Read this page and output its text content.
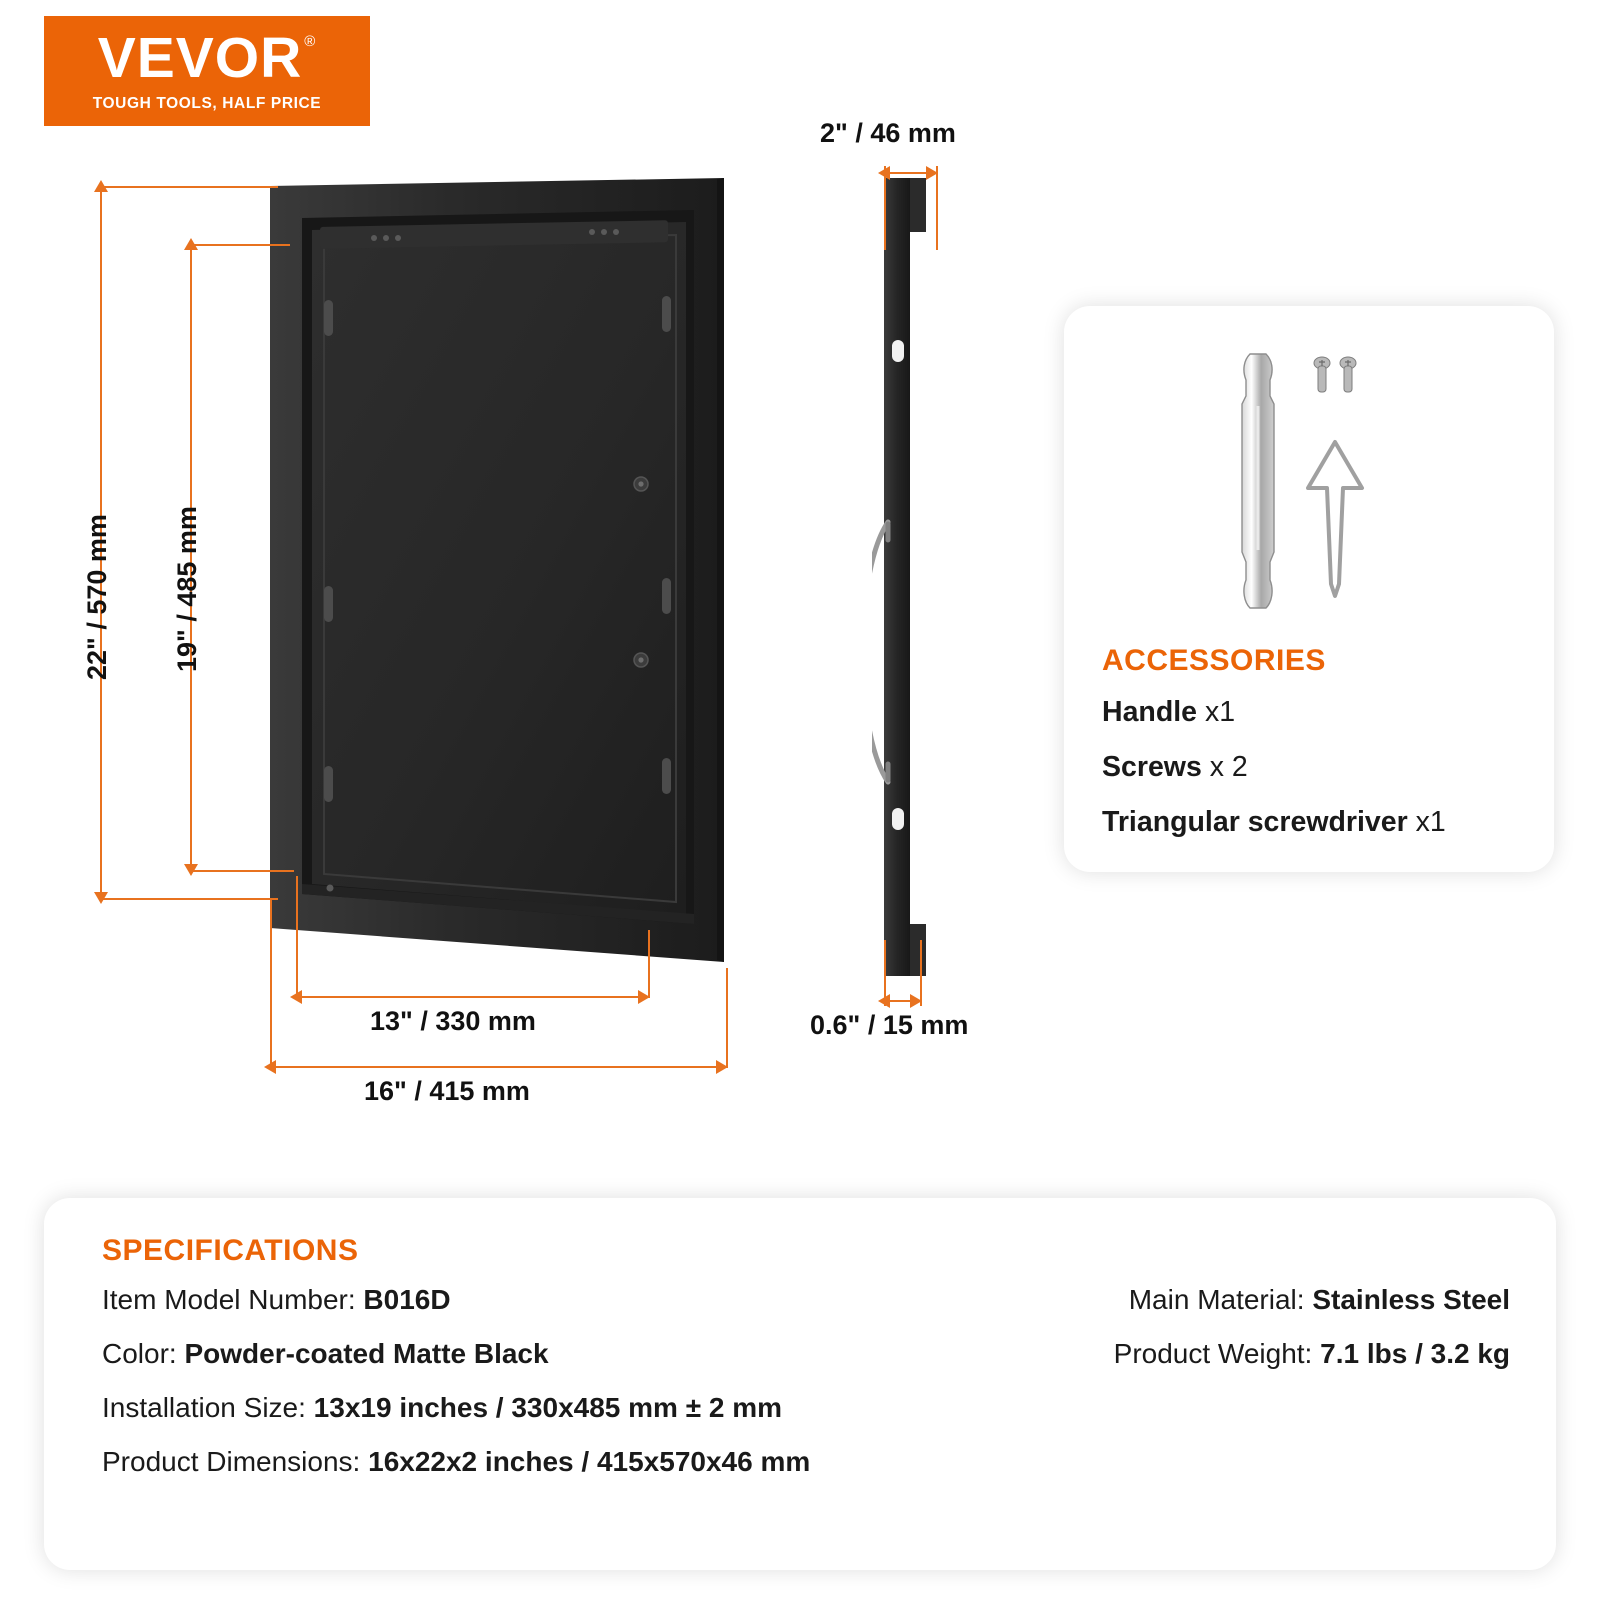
VEVOR ®
TOUGH TOOLS, HALF PRICE
22" / 570 mm 19" / 485 mm
13" / 330 mm
16" / 415 mm
2" / 46 mm
0.6" / 15 mm
ACCESSORIES
Handle x1
Screws x 2
Triangular screwdriver x1
SPECIFICATIONS
Item Model Number: B016D
Color: Powder-coated Matte Black
Installation Size: 13x19 inches / 330x485 mm ± 2 mm
Product Dimensions: 16x22x2 inches / 415x570x46 mm
Main Material: Stainless Steel
Product Weight: 7.1 lbs / 3.2 kg
